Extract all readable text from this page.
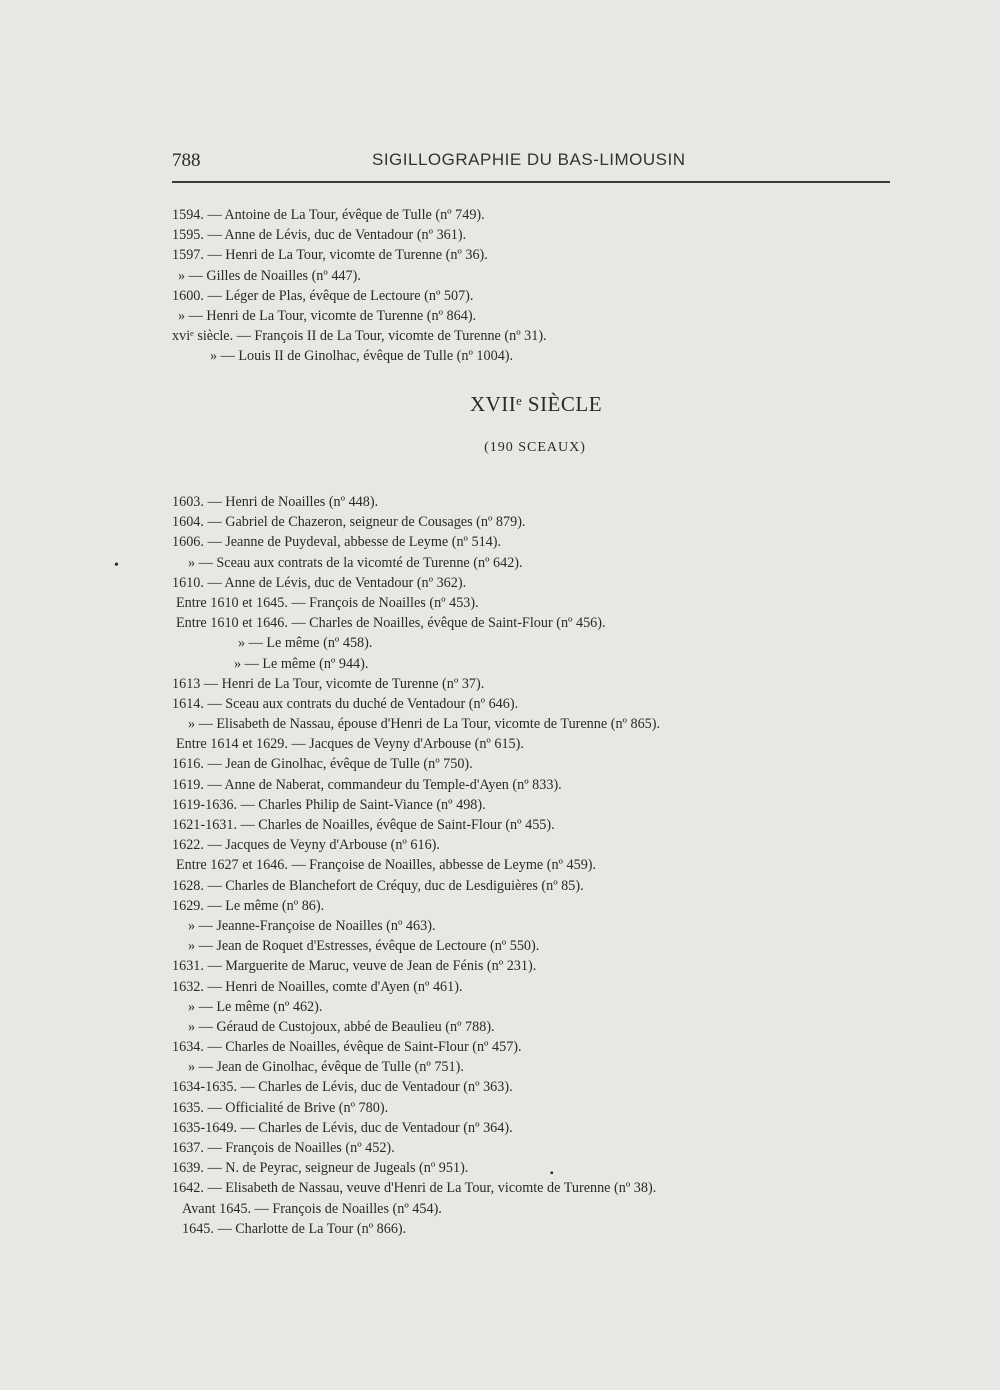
788	SIGILLOGRAPHIE DU BAS-LIMOUSIN
1594. — Antoine de La Tour, évêque de Tulle (nº 749).
1595. — Anne de Lévis, duc de Ventadour (nº 361).
1597. — Henri de La Tour, vicomte de Turenne (nº 36).
» — Gilles de Noailles (nº 447).
1600. — Léger de Plas, évêque de Lectoure (nº 507).
» — Henri de La Tour, vicomte de Turenne (nº 864).
xviᵉ siècle. — François II de La Tour, vicomte de Turenne (nº 31).
» — Louis II de Ginolhac, évêque de Tulle (nº 1004).
XVIIᵉ SIÈCLE
(190 SCEAUX)
1603. — Henri de Noailles (nº 448).
1604. — Gabriel de Chazeron, seigneur de Cousages (nº 879).
1606. — Jeanne de Puydeval, abbesse de Leyme (nº 514).
» — Sceau aux contrats de la vicomté de Turenne (nº 642).
1610. — Anne de Lévis, duc de Ventadour (nº 362).
Entre 1610 et 1645. — François de Noailles (nº 453).
Entre 1610 et 1646. — Charles de Noailles, évêque de Saint-Flour (nº 456).
» — Le même (nº 458).
» — Le même (nº 944).
1613 — Henri de La Tour, vicomte de Turenne (nº 37).
1614. — Sceau aux contrats du duché de Ventadour (nº 646).
» — Elisabeth de Nassau, épouse d'Henri de La Tour, vicomte de Turenne (nº 865).
Entre 1614 et 1629. — Jacques de Veyny d'Arbouse (nº 615).
1616. — Jean de Ginolhac, évêque de Tulle (nº 750).
1619. — Anne de Naberat, commandeur du Temple-d'Ayen (nº 833).
1619-1636. — Charles Philip de Saint-Viance (nº 498).
1621-1631. — Charles de Noailles, évêque de Saint-Flour (nº 455).
1622. — Jacques de Veyny d'Arbouse (nº 616).
Entre 1627 et 1646. — Françoise de Noailles, abbesse de Leyme (nº 459).
1628. — Charles de Blanchefort de Créquy, duc de Lesdiguières (nº 85).
1629. — Le même (nº 86).
» — Jeanne-Françoise de Noailles (nº 463).
» — Jean de Roquet d'Estresses, évêque de Lectoure (nº 550).
1631. — Marguerite de Maruc, veuve de Jean de Fénis (nº 231).
1632. — Henri de Noailles, comte d'Ayen (nº 461).
» — Le même (nº 462).
» — Géraud de Custojoux, abbé de Beaulieu (nº 788).
1634. — Charles de Noailles, évêque de Saint-Flour (nº 457).
» — Jean de Ginolhac, évêque de Tulle (nº 751).
1634-1635. — Charles de Lévis, duc de Ventadour (nº 363).
1635. — Officialité de Brive (nº 780).
1635-1649. — Charles de Lévis, duc de Ventadour (nº 364).
1637. — François de Noailles (nº 452).
1639. — N. de Peyrac, seigneur de Jugeals (nº 951).
1642. — Elisabeth de Nassau, veuve d'Henri de La Tour, vicomte de Turenne (nº 38).
Avant 1645. — François de Noailles (nº 454).
1645. — Charlotte de La Tour (nº 866).
•
▪
